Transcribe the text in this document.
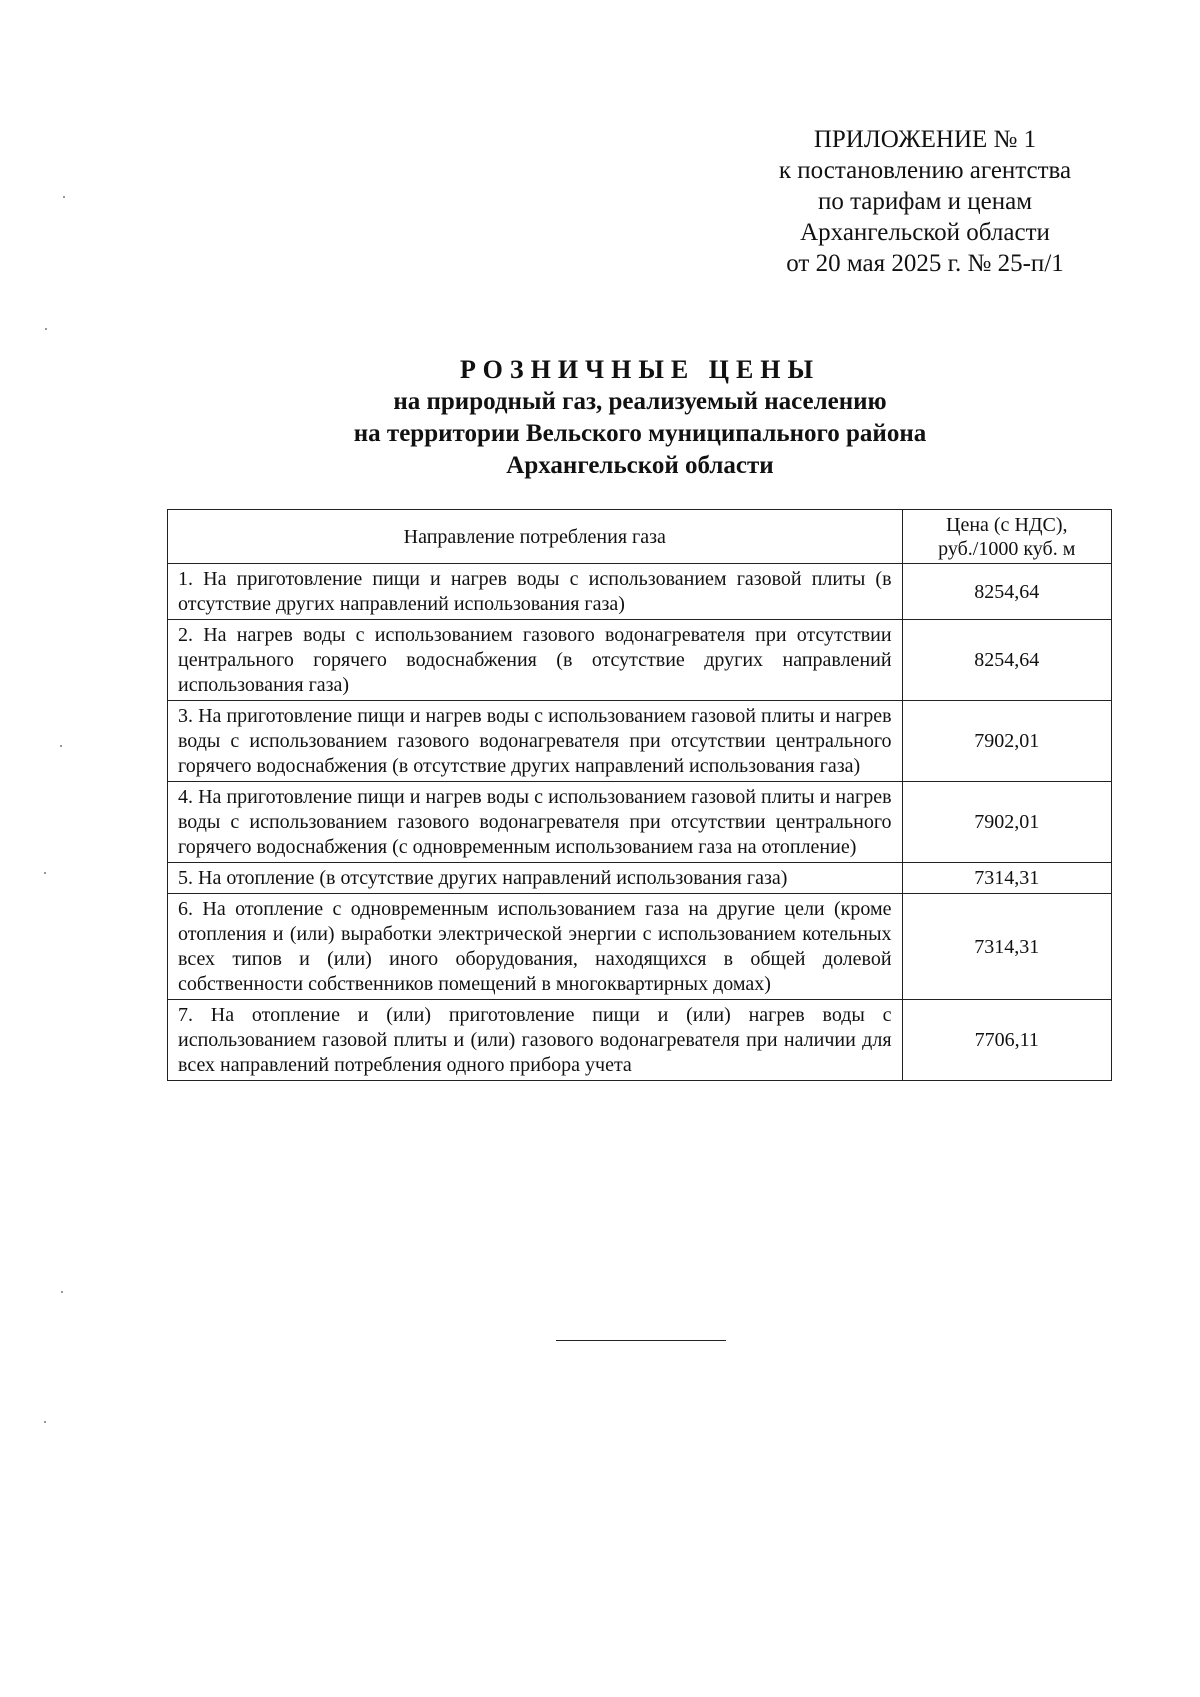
ПРИЛОЖЕНИЕ № 1
к постановлению агентства
по тарифам и ценам
Архангельской области
от 20 мая 2025 г. № 25-п/1
РОЗНИЧНЫЕ ЦЕНЫ
на природный газ, реализуемый населению
на территории Вельского муниципального района
Архангельской области
Направление потребления газа	Цена (с НДС), руб./1000 куб. м
1. На приготовление пищи и нагрев воды с использованием газовой плиты (в отсутствие других направлений использования газа)	8254,64
2. На нагрев воды с использованием газового водонагревателя при отсутствии центрального горячего водоснабжения (в отсутствие других направлений использования газа)	8254,64
3. На приготовление пищи и нагрев воды с использованием газовой плиты и нагрев воды с использованием газового водонагревателя при отсутствии центрального горячего водоснабжения (в отсутствие других направлений использования газа)	7902,01
4. На приготовление пищи и нагрев воды с использованием газовой плиты и нагрев воды с использованием газового водонагревателя при отсутствии центрального горячего водоснабжения (с одновременным использованием газа на отопление)	7902,01
5. На отопление (в отсутствие других направлений использования газа)	7314,31
6. На отопление с одновременным использованием газа на другие цели (кроме отопления и (или) выработки электрической энергии с использованием котельных всех типов и (или) иного оборудования, находящихся в общей долевой собственности собственников помещений в многоквартирных домах)	7314,31
7. На отопление и (или) приготовление пищи и (или) нагрев воды с использованием газовой плиты и (или) газового водонагревателя при наличии для всех направлений потребления одного прибора учета	7706,11
